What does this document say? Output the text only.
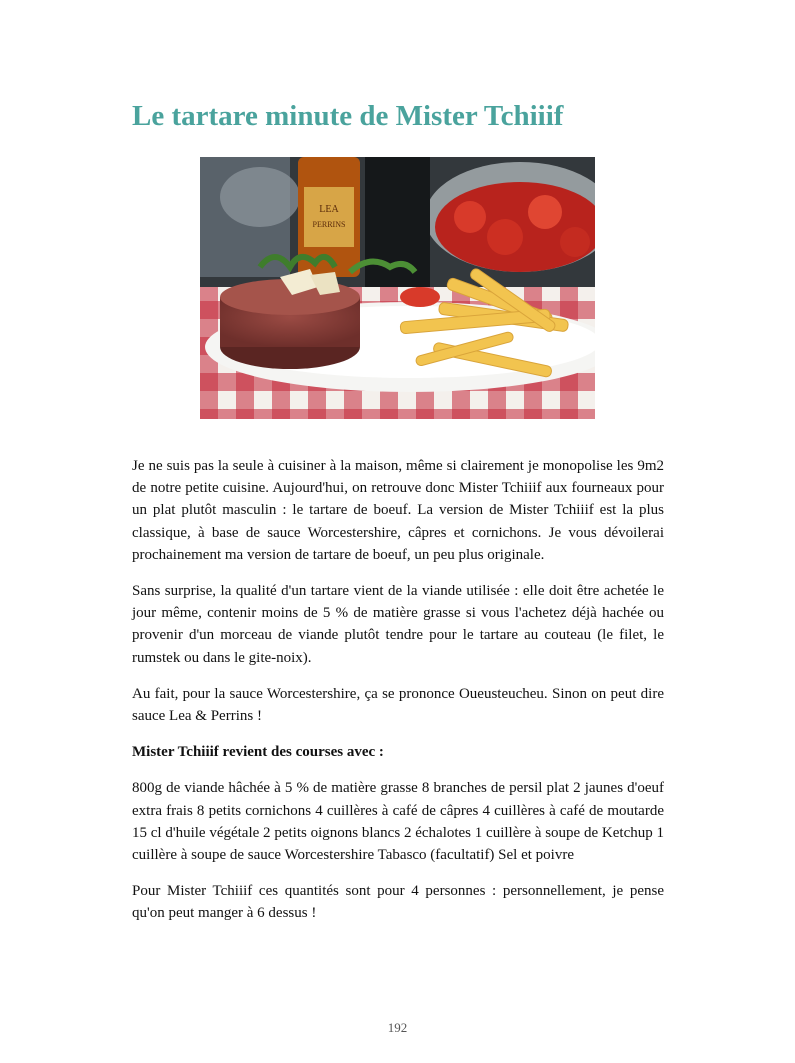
Le tartare minute de Mister Tchiiif
LEA
PERRINS

Je ne suis pas la seule à cuisiner à la maison, même si clairement je monopolise les 9m2 de notre petite cuisine. Aujourd'hui, on retrouve donc Mister Tchiiif aux fourneaux pour un plat plutôt masculin : le tartare de boeuf. La version de Mister Tchiiif est la plus classique, à base de sauce Worcestershire, câpres et cornichons. Je vous dévoilerai prochainement ma version de tartare de boeuf, un peu plus originale.

Sans surprise, la qualité d'un tartare vient de la viande utilisée : elle doit être achetée le jour même, contenir moins de 5 % de matière grasse si vous l'achetez déjà hachée ou provenir d'un morceau de viande plutôt tendre pour le tartare au couteau (le filet, le rumstek ou dans le gite-noix).

Au fait, pour la sauce Worcestershire, ça se prononce Oueusteucheu. Sinon on peut dire sauce Lea & Perrins !

Mister Tchiiif revient des courses avec :

800g de viande hâchée à 5 % de matière grasse 8 branches de persil plat 2 jaunes d'oeuf extra frais 8 petits cornichons 4 cuillères à café de câpres 4 cuillères à café de moutarde 15 cl d'huile végétale 2 petits oignons blancs 2 échalotes 1 cuillère à soupe de Ketchup 1 cuillère à soupe de sauce Worcestershire Tabasco (facultatif) Sel et poivre

Pour Mister Tchiiif ces quantités sont pour 4 personnes : personnellement, je pense qu'on peut manger à 6 dessus !

192
